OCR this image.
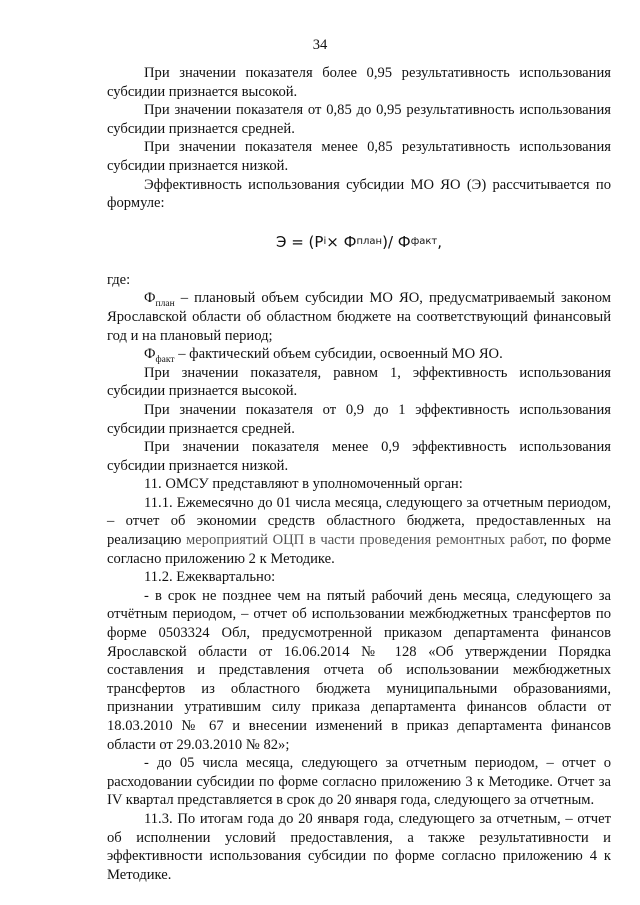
34

При значении показателя более 0,95 результативность использования субсидии признается высокой.

При значении показателя от 0,85 до 0,95 результативность использования субсидии признается средней.

При значении показателя менее 0,85 результативность использования субсидии признается низкой.

Эффективность использования субсидии МО ЯО (Э) рассчитывается по формуле:

Э = (P i × Ф план )/ Ф факт ,

где:

$Ф_{план}$ – плановый объем субсидии МО ЯО, предусматриваемый законом Ярославской области об областном бюджете на соответствующий финансовый год и на плановый период;

$Ф_{факт}$ – фактический объем субсидии, освоенный МО ЯО.

При значении показателя, равном 1, эффективность использования субсидии признается высокой.

При значении показателя от 0,9 до 1 эффективность использования субсидии признается средней.

При значении показателя менее 0,9 эффективность использования субсидии признается низкой.

11. ОМСУ представляют в уполномоченный орган:

11.1. Ежемесячно до 01 числа месяца, следующего за отчетным периодом, – отчет об экономии средств областного бюджета, предоставленных на реализацию мероприятий ОЦП в части проведения ремонтных работ, по форме согласно приложению 2 к Методике.

11.2. Ежеквартально:

- в срок не позднее чем на пятый рабочий день месяца, следующего за отчётным периодом, – отчет об использовании межбюджетных трансфертов по форме 0503324 Обл, предусмотренной приказом департамента финансов Ярославской области от 16.06.2014 № 128 «Об утверждении Порядка составления и представления отчета об использовании межбюджетных трансфертов из областного бюджета муниципальными образованиями, признании утратившим силу приказа департамента финансов области от 18.03.2010 № 67 и внесении изменений в приказ департамента финансов области от 29.03.2010 № 82»;

- до 05 числа месяца, следующего за отчетным периодом, – отчет о расходовании субсидии по форме согласно приложению 3 к Методике. Отчет за IV квартал представляется в срок до 20 января года, следующего за отчетным.

11.3. По итогам года до 20 января года, следующего за отчетным, – отчет об исполнении условий предоставления, а также результативности и эффективности использования субсидии по форме согласно приложению 4 к Методике.
